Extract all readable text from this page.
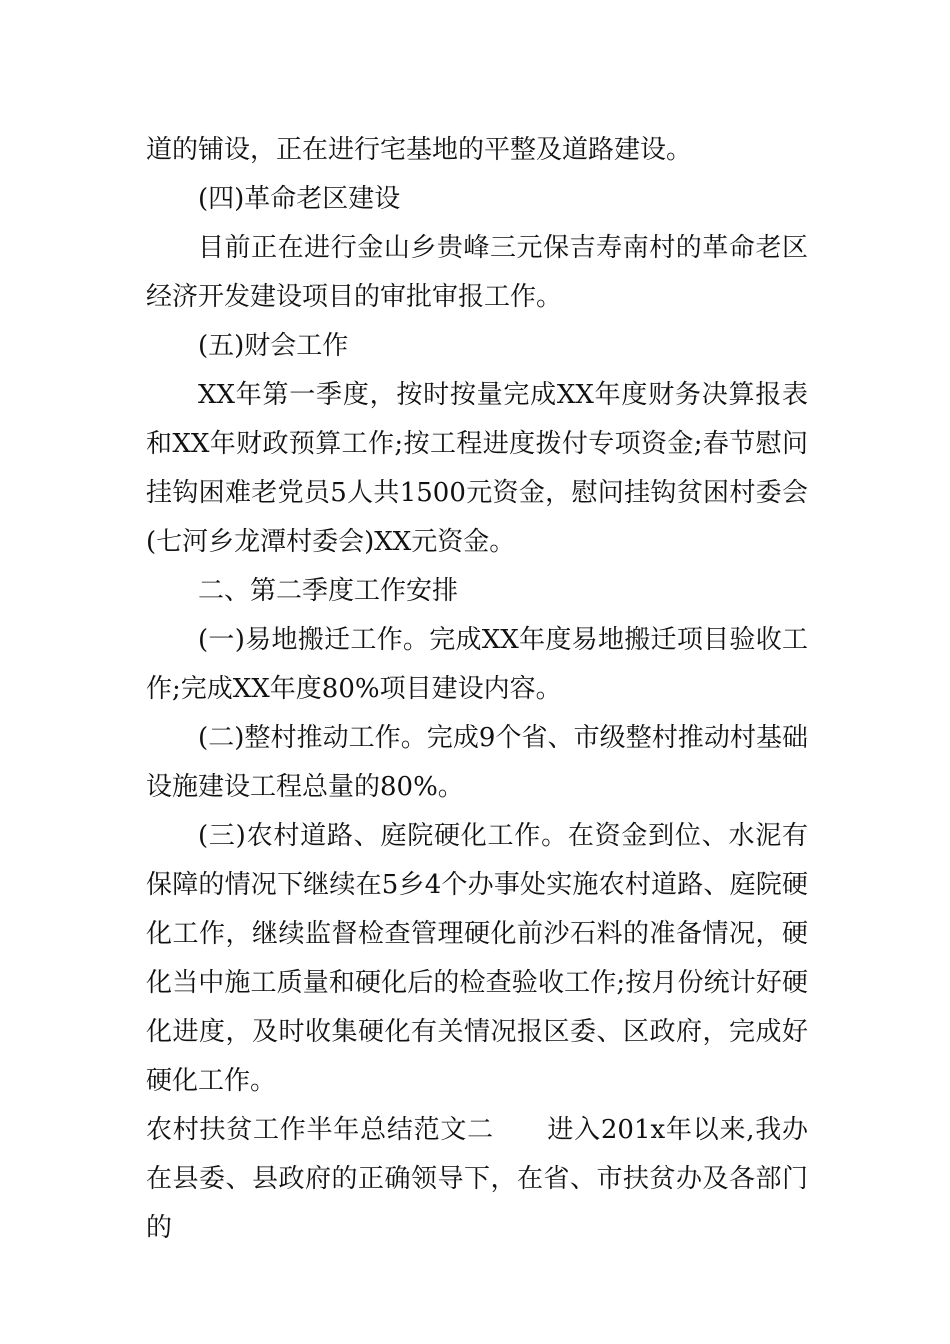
道的铺设，正在进行宅基地的平整及道路建设。

(四)革命老区建设

目前正在进行金山乡贵峰三元保吉寿南村的革命老区经济开发建设项目的审批审报工作。

(五)财会工作

XX年第一季度，按时按量完成XX年度财务决算报表和XX年财政预算工作;按工程进度拨付专项资金;春节慰问挂钩困难老党员5人共1500元资金，慰问挂钩贫困村委会(七河乡龙潭村委会)XX元资金。

二、第二季度工作安排

(一)易地搬迁工作。完成XX年度易地搬迁项目验收工作;完成XX年度80%项目建设内容。

(二)整村推动工作。完成9个省、市级整村推动村基础设施建设工程总量的80%。

(三)农村道路、庭院硬化工作。在资金到位、水泥有保障的情况下继续在5乡4个办事处实施农村道路、庭院硬化工作，继续监督检查管理硬化前沙石料的准备情况，硬化当中施工质量和硬化后的检查验收工作;按月份统计好硬化进度，及时收集硬化有关情况报区委、区政府，完成好硬化工作。

农村扶贫工作半年总结范文二　　进入201x年以来,我办在县委、县政府的正确领导下，在省、市扶贫办及各部门的
